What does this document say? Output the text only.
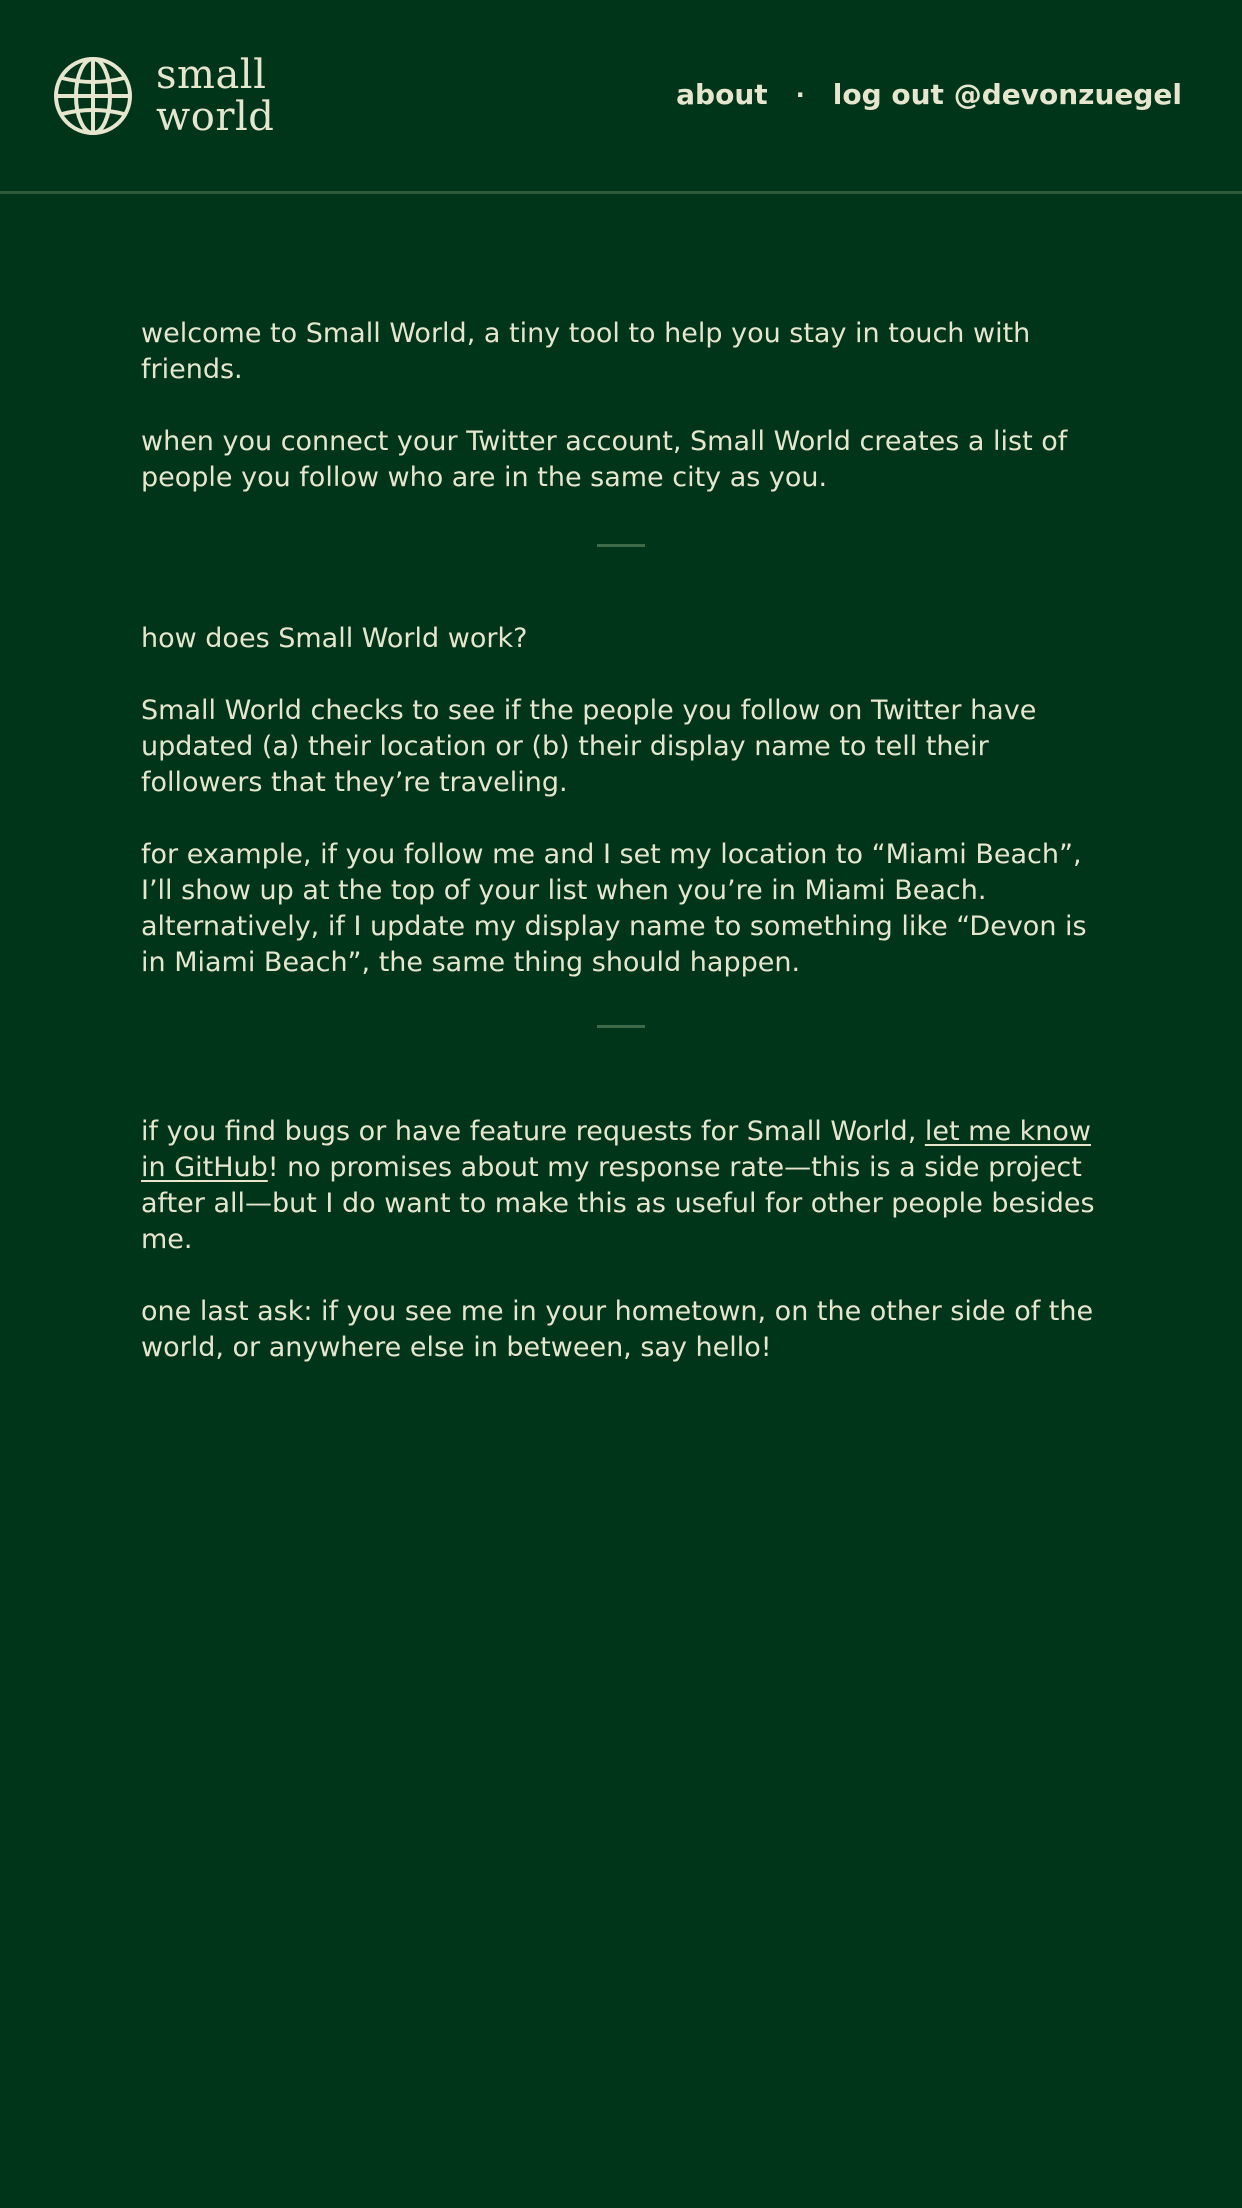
small
world	about · log out @devonzuegel

welcome to Small World, a tiny tool to help you stay in touch with friends.

when you connect your Twitter account, Small World creates a list of people you follow who are in the same city as you.

how does Small World work?

Small World checks to see if the people you follow on Twitter have updated (a) their location or (b) their display name to tell their followers that they’re traveling.

for example, if you follow me and I set my location to “Miami Beach”, I’ll show up at the top of your list when you’re in Miami Beach. alternatively, if I update my display name to something like “Devon is in Miami Beach”, the same thing should happen.

if you find bugs or have feature requests for Small World, let me know in GitHub! no promises about my response rate—this is a side project after all—but I do want to make this as useful for other people besides me.

one last ask: if you see me in your hometown, on the other side of the world, or anywhere else in between, say hello!
